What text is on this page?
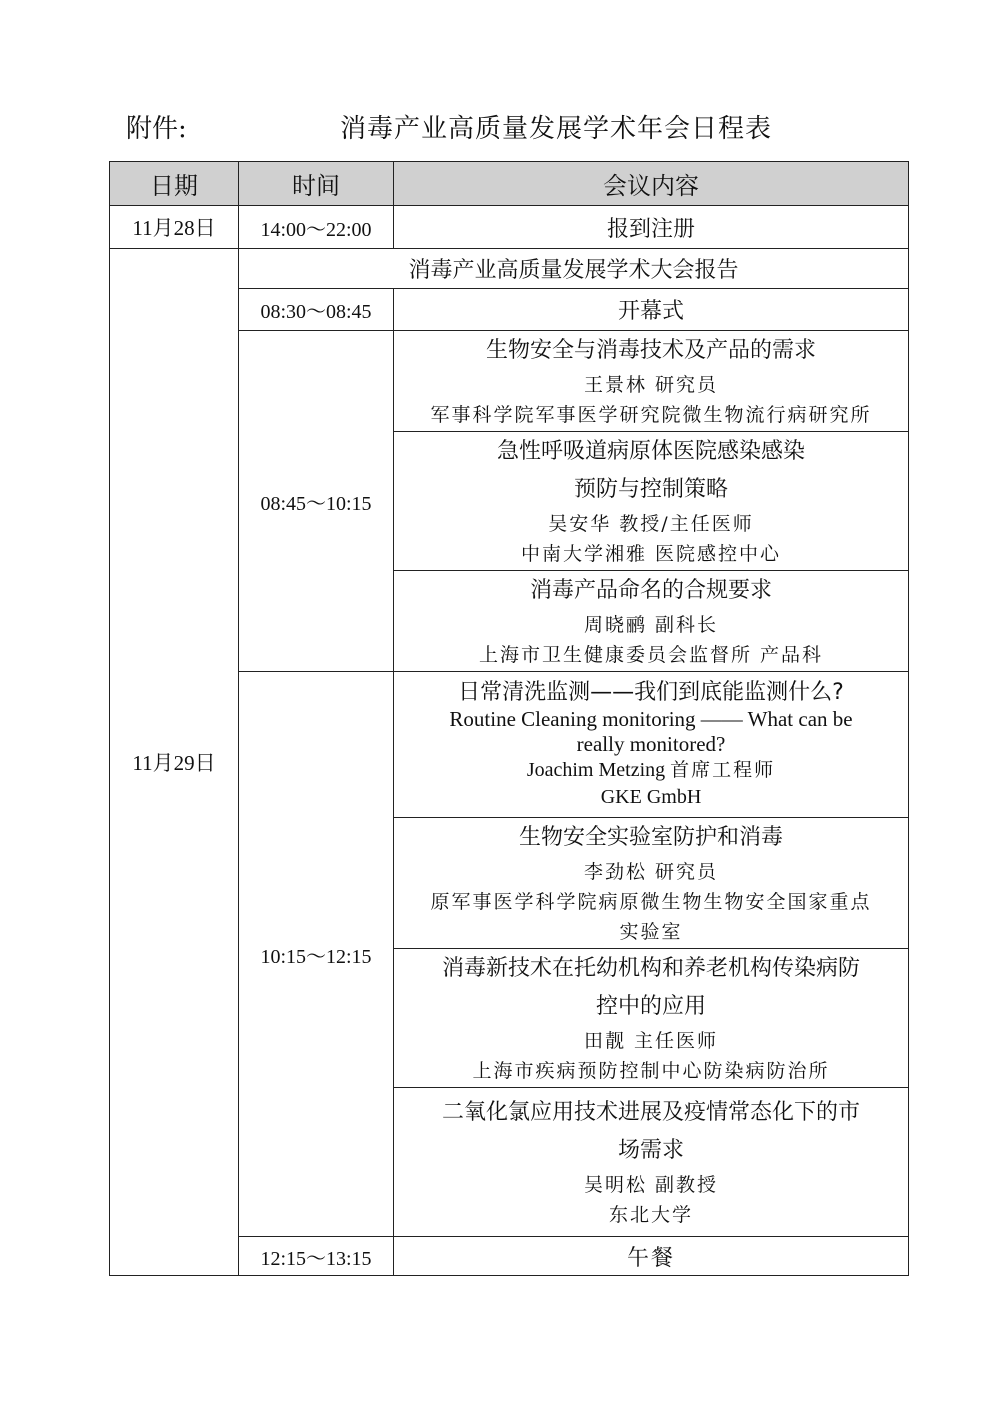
附件:	消毒产业高质量发展学术年会日程表
日期	时间	会议内容
11月28日	14:00～22:00	报到注册
11月29日	消毒产业高质量发展学术大会报告	
	08:30～08:45	开幕式
	08:45～10:15	生物安全与消毒技术及产品的需求
王景林 研究员
军事科学院军事医学研究院微生物流行病研究所

		急性呼吸道病原体医院感染感染
预防与控制策略
吴安华 教授/主任医师
中南大学湘雅 医院感控中心

		消毒产品命名的合规要求
周晓鹂 副科长
上海市卫生健康委员会监督所 产品科

	10:15～12:15	日常清洗监测——我们到底能监测什么?
Routine Cleaning monitoring —— What can be
really monitored?
Joachim Metzing 首席工程师
GKE GmbH

		生物安全实验室防护和消毒
李劲松 研究员
原军事医学科学院病原微生物生物安全国家重点
实验室

		消毒新技术在托幼机构和养老机构传染病防
控中的应用
田靓 主任医师
上海市疾病预防控制中心防染病防治所

		二氧化氯应用技术进展及疫情常态化下的市
场需求
吴明松 副教授
东北大学

	12:15～13:15	午餐
